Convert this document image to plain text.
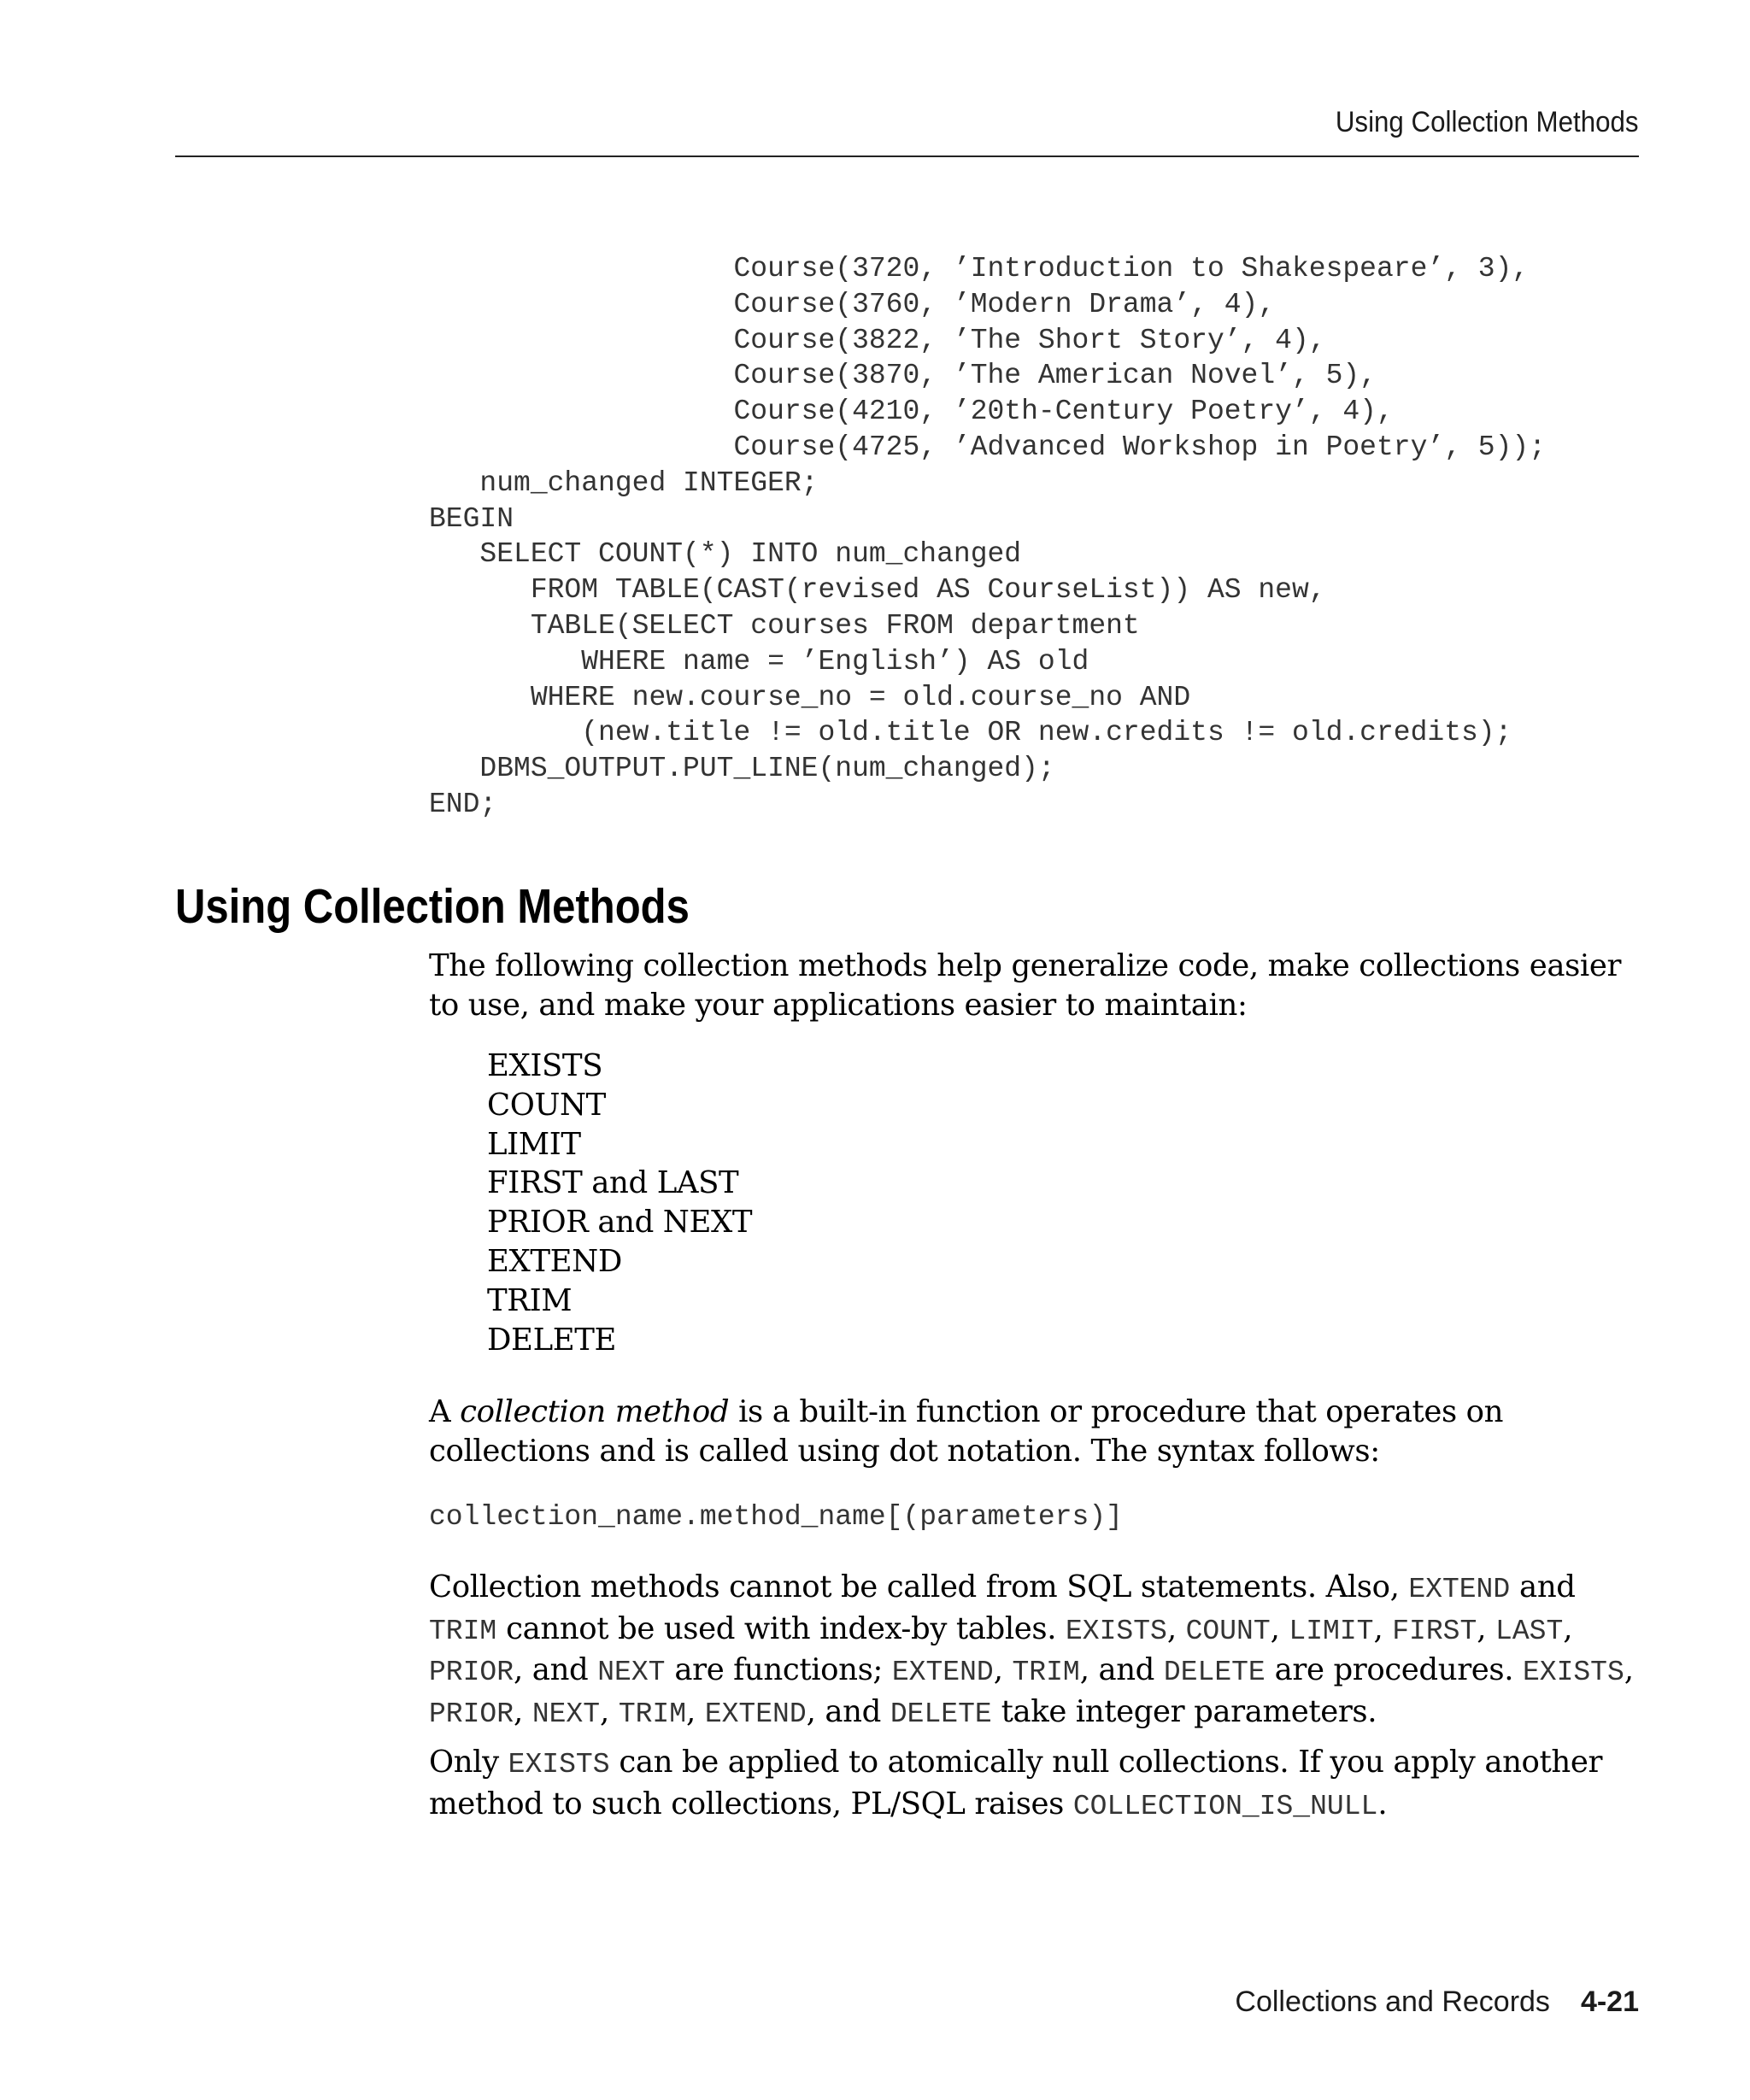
Using Collection Methods
Course(3720, ’Introduction to Shakespeare’, 3),
Course(3760, ’Modern Drama’, 4),
Course(3822, ’The Short Story’, 4),
Course(3870, ’The American Novel’, 5),
Course(4210, ’20th-Century Poetry’, 4),
Course(4725, ’Advanced Workshop in Poetry’, 5));
num_changed INTEGER;
BEGIN
SELECT COUNT(*) INTO num_changed
FROM TABLE(CAST(revised AS CourseList)) AS new,
TABLE(SELECT courses FROM department
WHERE name = ’English’) AS old
WHERE new.course_no = old.course_no AND
(new.title != old.title OR new.credits != old.credits);
DBMS_OUTPUT.PUT_LINE(num_changed);
END;
Using Collection Methods
The following collection methods help generalize code, make collections easier to use, and make your applications easier to maintain:
EXISTS
COUNT
LIMIT
FIRST and LAST
PRIOR and NEXT
EXTEND
TRIM
DELETE
A collection method is a built-in function or procedure that operates on collections and is called using dot notation. The syntax follows:
collection_name.method_name[(parameters)]
Collection methods cannot be called from SQL statements. Also, EXTEND and TRIM cannot be used with index-by tables. EXISTS, COUNT, LIMIT, FIRST, LAST, PRIOR, and NEXT are functions; EXTEND, TRIM, and DELETE are procedures. EXISTS, PRIOR, NEXT, TRIM, EXTEND, and DELETE take integer parameters.
Only EXISTS can be applied to atomically null collections. If you apply another method to such collections, PL/SQL raises COLLECTION_IS_NULL.
Collections and Records 4-21
